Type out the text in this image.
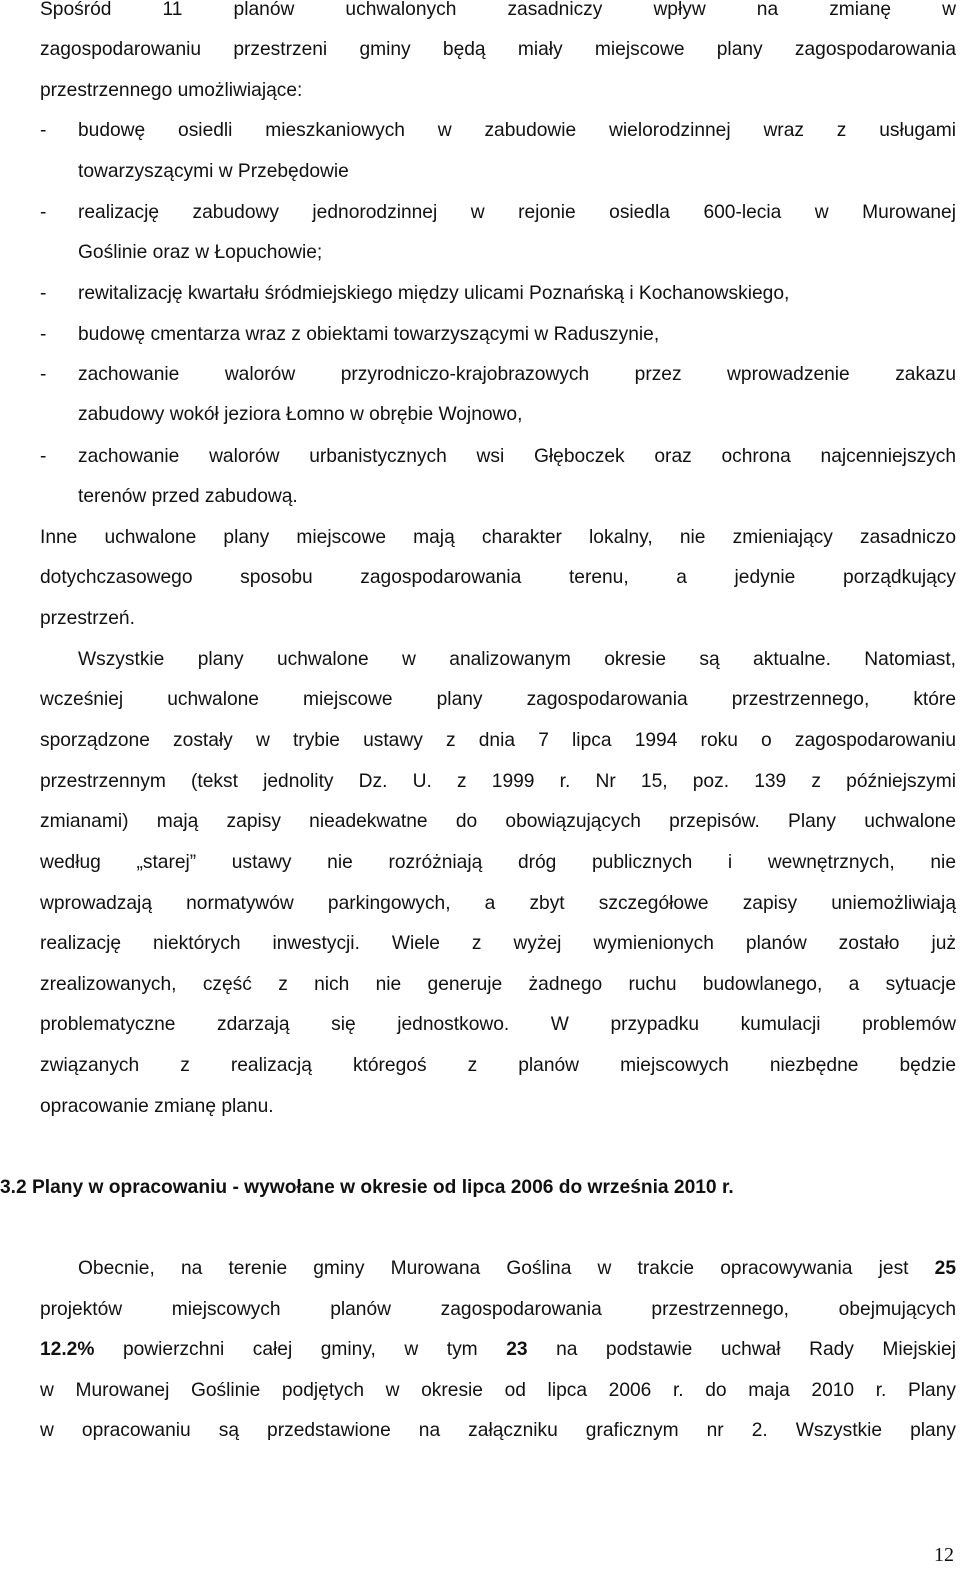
Spośród 11 planów uchwalonych zasadniczy wpływ na zmianę w
zagospodarowaniu przestrzeni gminy będą miały miejscowe plany zagospodarowania
przestrzennego umożliwiające:
-	budowę osiedli mieszkaniowych w zabudowie wielorodzinnej wraz z usługami
towarzyszącymi w Przebędowie
-	realizację zabudowy jednorodzinnej w rejonie osiedla 600-lecia w Murowanej
Goślinie oraz w Łopuchowie;
-	rewitalizację kwartału śródmiejskiego między ulicami Poznańską i Kochanowskiego,
-	budowę cmentarza wraz z obiektami towarzyszącymi w Raduszynie,
-	zachowanie walorów przyrodniczo-krajobrazowych przez wprowadzenie zakazu
zabudowy wokół jeziora Łomno w obrębie Wojnowo,
-	zachowanie walorów urbanistycznych wsi Głęboczek oraz ochrona najcenniejszych
terenów przed zabudową.
Inne uchwalone plany miejscowe mają charakter lokalny, nie zmieniający zasadniczo
dotychczasowego sposobu zagospodarowania terenu, a jedynie porządkujący
przestrzeń.
Wszystkie plany uchwalone w analizowanym okresie są aktualne. Natomiast,
wcześniej uchwalone miejscowe plany zagospodarowania przestrzennego, które
sporządzone zostały w trybie ustawy z dnia 7 lipca 1994 roku o zagospodarowaniu
przestrzennym (tekst jednolity Dz. U. z 1999 r. Nr 15, poz. 139 z późniejszymi
zmianami) mają zapisy nieadekwatne do obowiązujących przepisów. Plany uchwalone
według „starej” ustawy nie rozróżniają dróg publicznych i wewnętrznych, nie
wprowadzają normatywów parkingowych, a zbyt szczegółowe zapisy uniemożliwiają
realizację niektórych inwestycji. Wiele z wyżej wymienionych planów zostało już
zrealizowanych, część z nich nie generuje żadnego ruchu budowlanego, a sytuacje
problematyczne zdarzają się jednostkowo. W przypadku kumulacji problemów
związanych z realizacją któregoś z planów miejscowych niezbędne będzie
opracowanie zmianę planu.
3.2 Plany w opracowaniu - wywołane w okresie od lipca 2006 do września 2010 r.
Obecnie, na terenie gminy Murowana Goślina w trakcie opracowywania jest 25
projektów miejscowych planów zagospodarowania przestrzennego, obejmujących
12.2% powierzchni całej gminy, w tym 23 na podstawie uchwał Rady Miejskiej
w Murowanej Goślinie podjętych w okresie od lipca 2006 r. do maja 2010 r. Plany
w opracowaniu są przedstawione na załączniku graficznym nr 2. Wszystkie plany
12
